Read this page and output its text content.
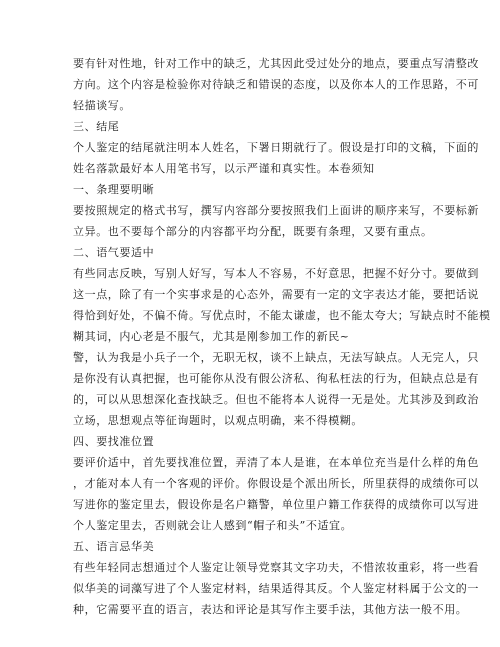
要有针对性地，针对工作中的缺乏，尤其因此受过处分的地点，要重点写清整改
方向。这个内容是检验你对待缺乏和错误的态度，以及你本人的工作思路，不可
轻描谈写。
三、结尾
个人鉴定的结尾就注明本人姓名，下署日期就行了。假设是打印的文稿，下面的
姓名落款最好本人用笔书写，以示严谨和真实性。本卷须知
一、条理要明晰
要按照规定的格式书写，撰写内容部分要按照我们上面讲的顺序来写，不要标新
立异。也不要每个部分的内容都平均分配，既要有条理，又要有重点。
二、语气要适中
有些同志反映，写别人好写，写本人不容易，不好意思，把握不好分寸。要做到
这一点，除了有一个实事求是的心态外，需要有一定的文字表达才能，要把话说
得恰到好处，不偏不倚。写优点时，不能太谦虚，也不能太夸大；写缺点时不能模
糊其词，内心老是不服气，尤其是刚参加工作的新民~
警，认为我是小兵子一个，无职无权，谈不上缺点，无法写缺点。人无完人，只
是你没有认真把握，也可能你从没有假公济私、徇私枉法的行为，但缺点总是有
的，可以从思想深化查找缺乏。但也不能将本人说得一无是处。尤其涉及到政治
立场，思想观点等征询题时，以观点明确，来不得模糊。
四、要找准位置
要评价适中，首先要找准位置，弄清了本人是谁，在本单位充当是什么样的角色
，才能对本人有一个客观的评价。你假设是个派出所长，所里获得的成绩你可以
写进你的鉴定里去，假设你是名户籍警，单位里户籍工作获得的成绩你可以写进
个人鉴定里去，否则就会让人感到“帽子和头”不适宜。
五、语言忌华美
有些年轻同志想通过个人鉴定让领导党察其文字功夫，不惜浓妆重彩，将一些看
似华美的词藻写进了个人鉴定材料，结果适得其反。个人鉴定材料属于公文的一
种，它需要平直的语言，表达和评论是其写作主要手法，其他方法一般不用。
